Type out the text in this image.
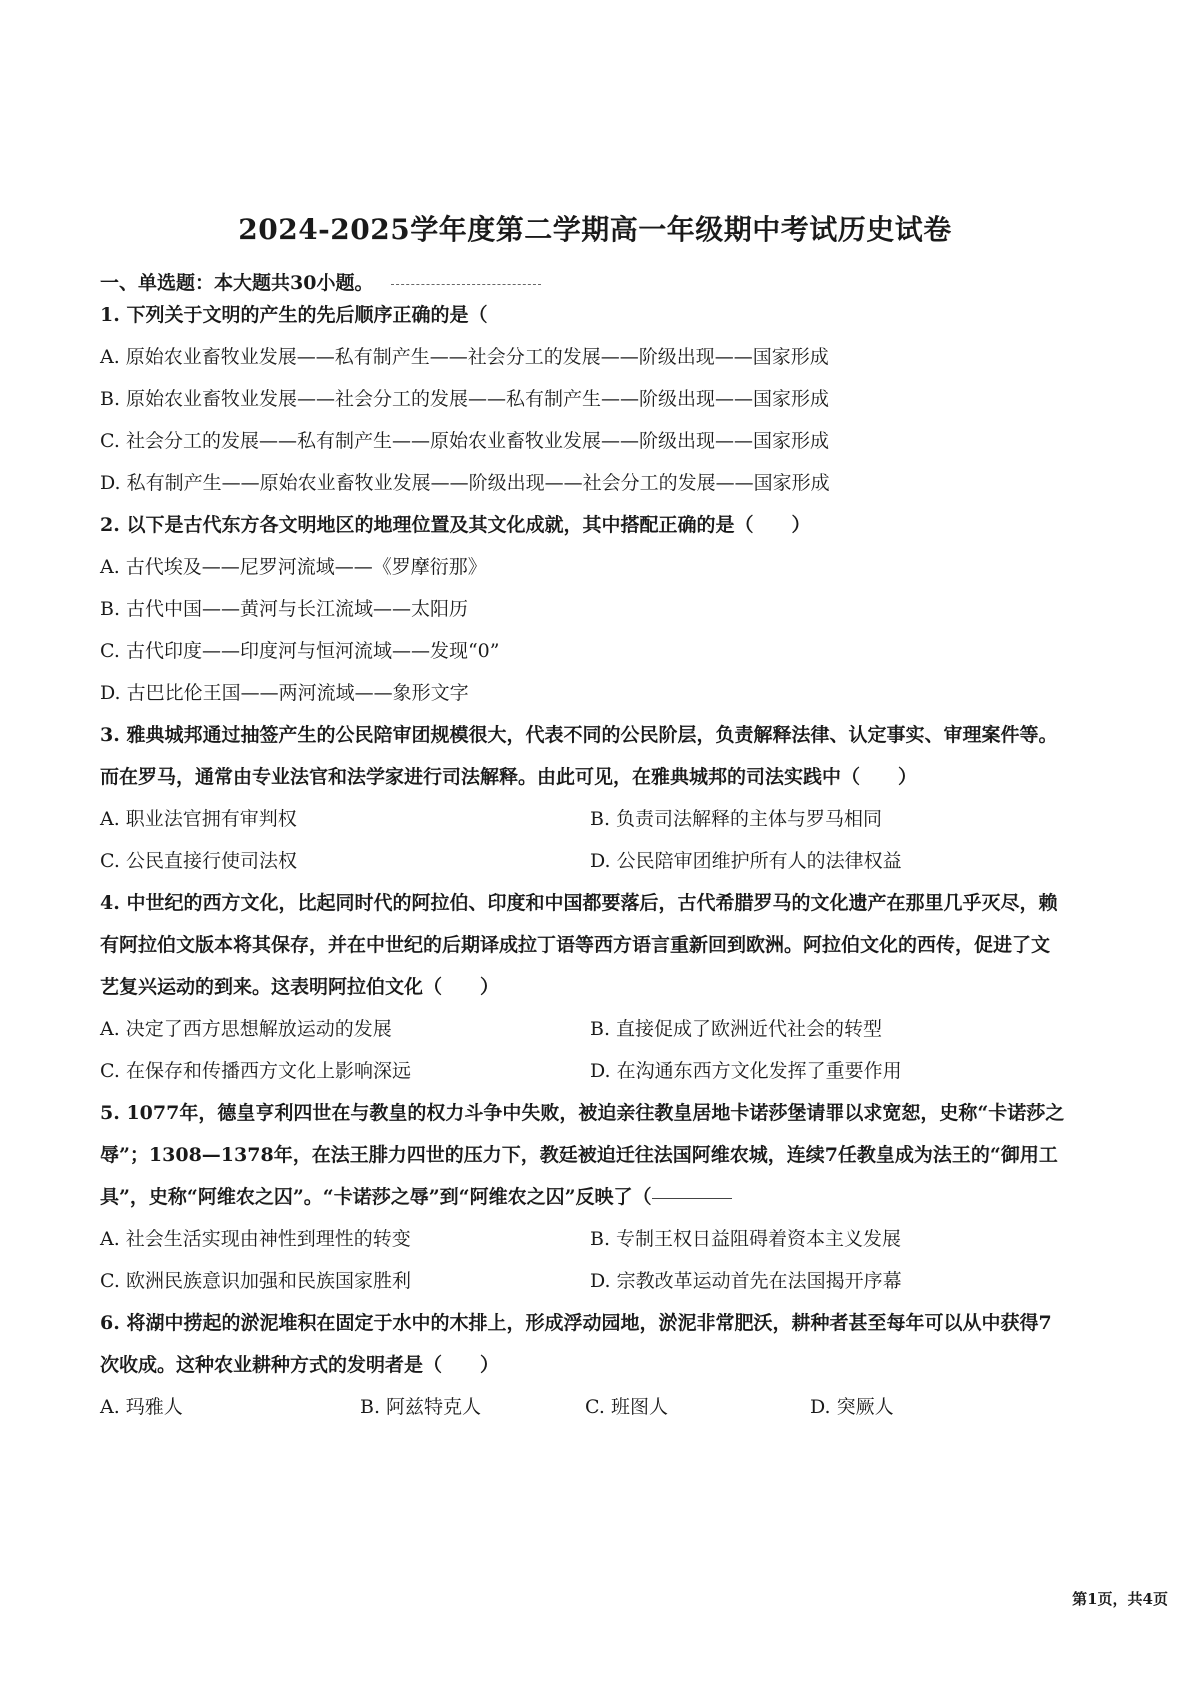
2024-2025学年度第二学期高一年级期中考试历史试卷
一、单选题：本大题共30小题。
1. 下列关于文明的产生的先后顺序正确的是（
A. 原始农业畜牧业发展——私有制产生——社会分工的发展——阶级出现——国家形成
B. 原始农业畜牧业发展——社会分工的发展——私有制产生——阶级出现——国家形成
C. 社会分工的发展——私有制产生——原始农业畜牧业发展——阶级出现——国家形成
D. 私有制产生——原始农业畜牧业发展——阶级出现——社会分工的发展——国家形成
2. 以下是古代东方各文明地区的地理位置及其文化成就，其中搭配正确的是（　　）
A. 古代埃及——尼罗河流域——《罗摩衍那》
B. 古代中国——黄河与长江流域——太阳历
C. 古代印度——印度河与恒河流域——发现“0”
D. 古巴比伦王国——两河流域——象形文字
3. 雅典城邦通过抽签产生的公民陪审团规模很大，代表不同的公民阶层，负责解释法律、认定事实、审理案件等。
而在罗马，通常由专业法官和法学家进行司法解释。由此可见，在雅典城邦的司法实践中（　　）
A. 职业法官拥有审判权	B. 负责司法解释的主体与罗马相同
C. 公民直接行使司法权	D. 公民陪审团维护所有人的法律权益
4. 中世纪的西方文化，比起同时代的阿拉伯、印度和中国都要落后，古代希腊罗马的文化遗产在那里几乎灭尽，赖
有阿拉伯文版本将其保存，并在中世纪的后期译成拉丁语等西方语言重新回到欧洲。阿拉伯文化的西传，促进了文
艺复兴运动的到来。这表明阿拉伯文化（　　）
A. 决定了西方思想解放运动的发展	B. 直接促成了欧洲近代社会的转型
C. 在保存和传播西方文化上影响深远	D. 在沟通东西方文化发挥了重要作用
5. 1077年，德皇亨利四世在与教皇的权力斗争中失败，被迫亲往教皇居地卡诺莎堡请罪以求宽恕，史称“卡诺莎之
辱”；1308—1378年，在法王腓力四世的压力下，教廷被迫迁往法国阿维农城，连续7任教皇成为法王的“御用工
具”，史称“阿维农之囚”。“卡诺莎之辱”到“阿维农之囚”反映了（
A. 社会生活实现由神性到理性的转变	B. 专制王权日益阻碍着资本主义发展
C. 欧洲民族意识加强和民族国家胜利	D. 宗教改革运动首先在法国揭开序幕
6. 将湖中捞起的淤泥堆积在固定于水中的木排上，形成浮动园地，淤泥非常肥沃，耕种者甚至每年可以从中获得7
次收成。这种农业耕种方式的发明者是（　　）
A. 玛雅人	B. 阿兹特克人	C. 班图人	D. 突厥人
第1页，共4页
